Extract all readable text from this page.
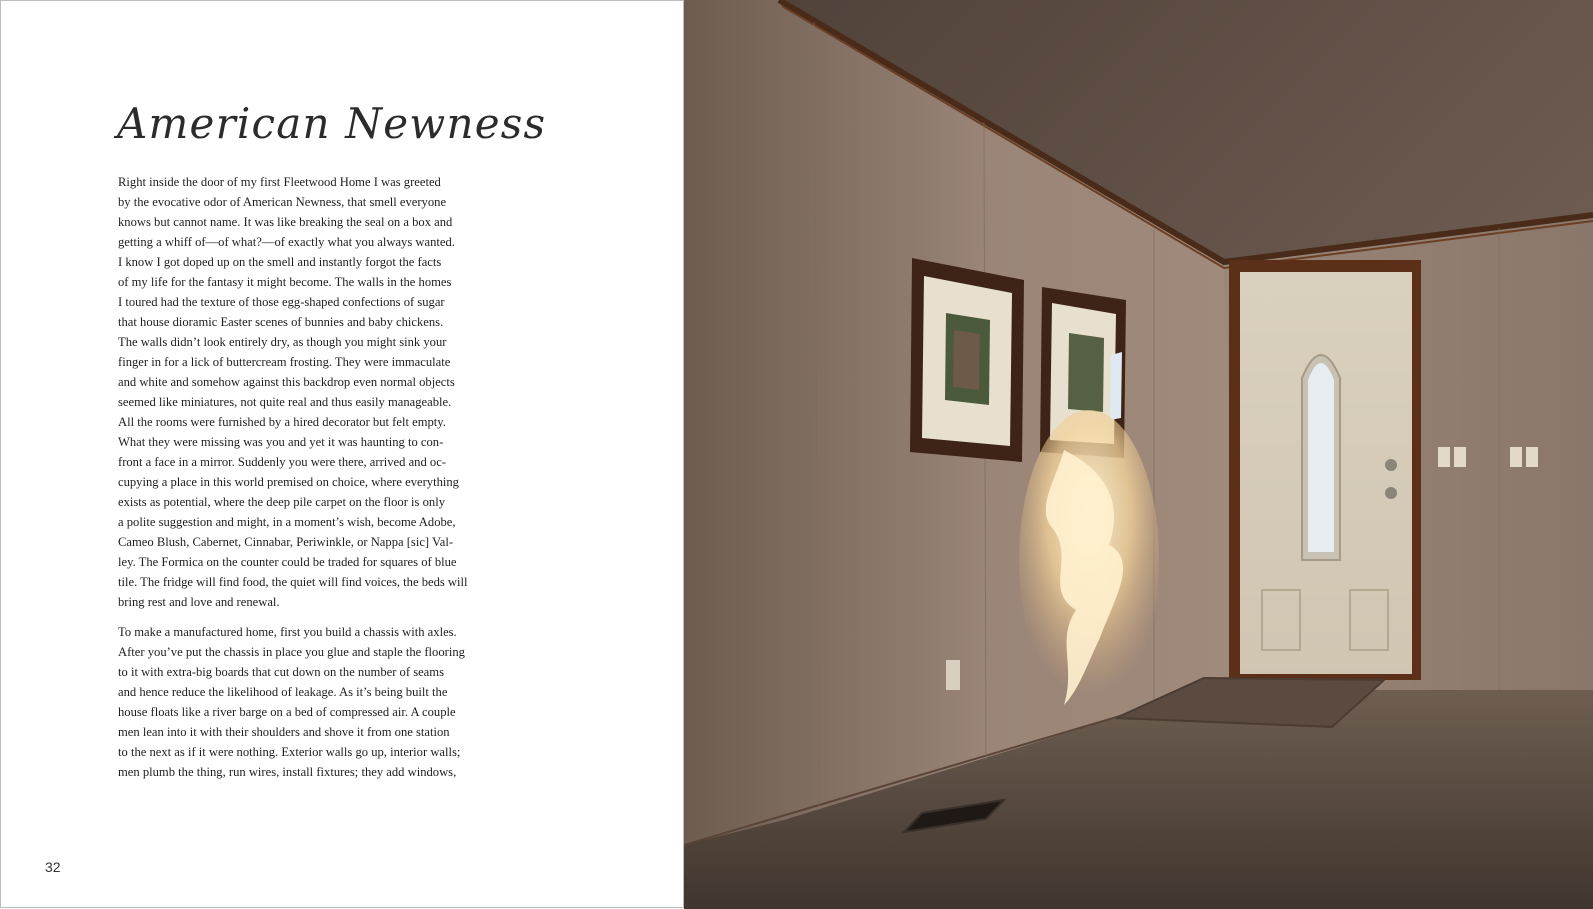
American Newness

Right inside the door of my first Fleetwood Home I was greeted
by the evocative odor of American Newness, that smell everyone
knows but cannot name. It was like breaking the seal on a box and
getting a whiff of—of what?—of exactly what you always wanted.
I know I got doped up on the smell and instantly forgot the facts
of my life for the fantasy it might become. The walls in the homes
I toured had the texture of those egg-shaped confections of sugar
that house dioramic Easter scenes of bunnies and baby chickens.
The walls didn’t look entirely dry, as though you might sink your
finger in for a lick of buttercream frosting. They were immaculate
and white and somehow against this backdrop even normal objects
seemed like miniatures, not quite real and thus easily manageable.
All the rooms were furnished by a hired decorator but felt empty.
What they were missing was you and yet it was haunting to con-
front a face in a mirror. Suddenly you were there, arrived and oc-
cupying a place in this world premised on choice, where everything
exists as potential, where the deep pile carpet on the floor is only
a polite suggestion and might, in a moment’s wish, become Adobe,
Cameo Blush, Cabernet, Cinnabar, Periwinkle, or Nappa [sic] Val-
ley. The Formica on the counter could be traded for squares of blue
tile. The fridge will find food, the quiet will find voices, the beds will
bring rest and love and renewal.

To make a manufactured home, first you build a chassis with axles.
After you’ve put the chassis in place you glue and staple the flooring
to it with extra-big boards that cut down on the number of seams
and hence reduce the likelihood of leakage. As it’s being built the
house floats like a river barge on a bed of compressed air. A couple
men lean into it with their shoulders and shove it from one station
to the next as if it were nothing. Exterior walls go up, interior walls;
men plumb the thing, run wires, install fixtures; they add windows,

32
